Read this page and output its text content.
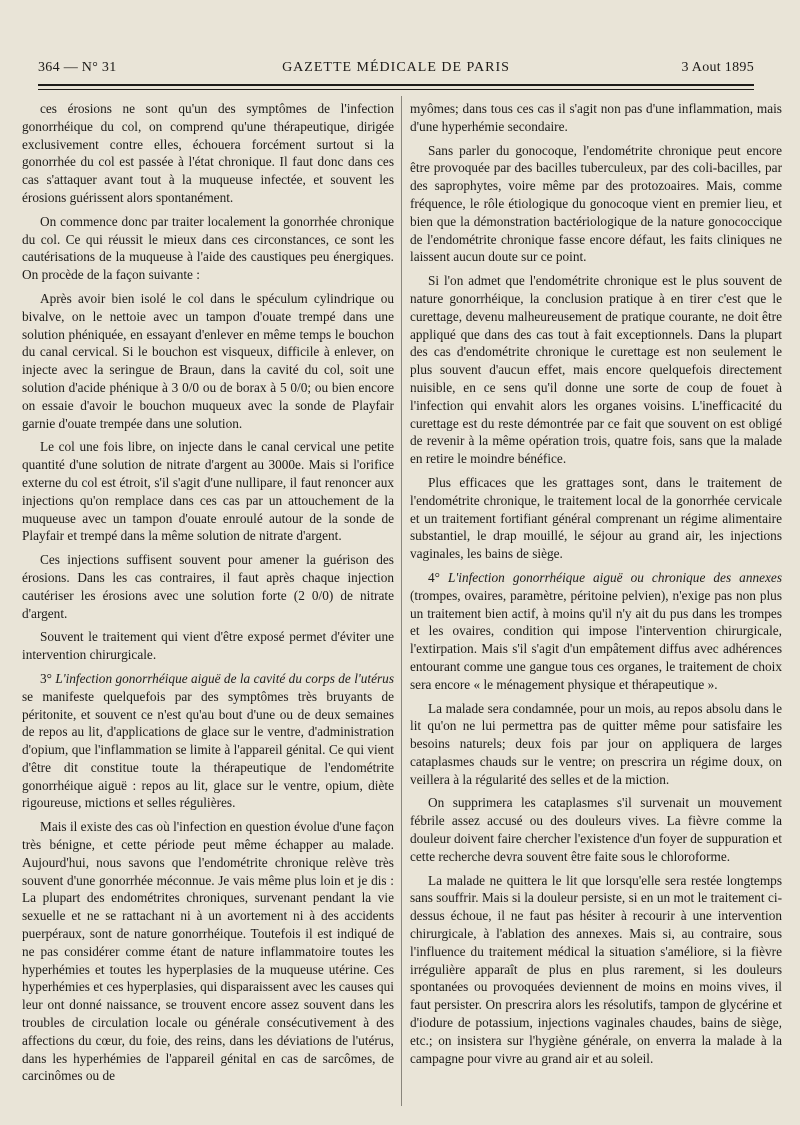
364 — N° 31	GAZETTE MÉDICALE DE PARIS	3 Aout 1895

ces érosions ne sont qu'un des symptômes de l'infection gonorrhéique du col, on comprend qu'une thérapeutique, dirigée exclusivement contre elles, échouera forcément surtout si la gonorrhée du col est passée à l'état chronique. Il faut donc dans ces cas s'attaquer avant tout à la muqueuse infectée, et souvent les érosions guérissent alors spontanément.

On commence donc par traiter localement la gonorrhée chronique du col. Ce qui réussit le mieux dans ces circonstances, ce sont les cautérisations de la muqueuse à l'aide des caustiques peu énergiques. On procède de la façon suivante :

Après avoir bien isolé le col dans le spéculum cylindrique ou bivalve, on le nettoie avec un tampon d'ouate trempé dans une solution phéniquée, en essayant d'enlever en même temps le bouchon du canal cervical. Si le bouchon est visqueux, difficile à enlever, on injecte avec la seringue de Braun, dans la cavité du col, soit une solution d'acide phénique à 3 0/0 ou de borax à 5 0/0; ou bien encore on essaie d'avoir le bouchon muqueux avec la sonde de Playfair garnie d'ouate trempée dans une solution.

Le col une fois libre, on injecte dans le canal cervical une petite quantité d'une solution de nitrate d'argent au 3000e. Mais si l'orifice externe du col est étroit, s'il s'agit d'une nullipare, il faut renoncer aux injections qu'on remplace dans ces cas par un attouchement de la muqueuse avec un tampon d'ouate enroulé autour de la sonde de Playfair et trempé dans la même solution de nitrate d'argent.

Ces injections suffisent souvent pour amener la guérison des érosions. Dans les cas contraires, il faut après chaque injection cautériser les érosions avec une solution forte (2 0/0) de nitrate d'argent.

Souvent le traitement qui vient d'être exposé permet d'éviter une intervention chirurgicale.

3° L'infection gonorrhéique aiguë de la cavité du corps de l'utérus se manifeste quelquefois par des symptômes très bruyants de péritonite, et souvent ce n'est qu'au bout d'une ou de deux semaines de repos au lit, d'applications de glace sur le ventre, d'administration d'opium, que l'inflammation se limite à l'appareil génital. Ce qui vient d'être dit constitue toute la thérapeutique de l'endométrite gonorrhéique aiguë : repos au lit, glace sur le ventre, opium, diète rigoureuse, mictions et selles régulières.

Mais il existe des cas où l'infection en question évolue d'une façon très bénigne, et cette période peut même échapper au malade. Aujourd'hui, nous savons que l'endométrite chronique relève très souvent d'une gonorrhée méconnue. Je vais même plus loin et je dis : La plupart des endométrites chroniques, survenant pendant la vie sexuelle et ne se rattachant ni à un avortement ni à des accidents puerpéraux, sont de nature gonorrhéique. Toutefois il est indiqué de ne pas considérer comme étant de nature inflammatoire toutes les hyperhémies et toutes les hyperplasies de la muqueuse utérine. Ces hyperhémies et ces hyperplasies, qui disparaissent avec les causes qui leur ont donné naissance, se trouvent encore assez souvent dans les troubles de circulation locale ou générale consécutivement à des affections du cœur, du foie, des reins, dans les déviations de l'utérus, dans les hyperhémies de l'appareil génital en cas de sarcômes, de carcinômes ou de

myômes; dans tous ces cas il s'agit non pas d'une inflammation, mais d'une hyperhémie secondaire.

Sans parler du gonocoque, l'endométrite chronique peut encore être provoquée par des bacilles tuberculeux, par des coli-bacilles, par des saprophytes, voire même par des protozoaires. Mais, comme fréquence, le rôle étiologique du gonocoque vient en premier lieu, et bien que la démonstration bactériologique de la nature gonococcique de l'endométrite chronique fasse encore défaut, les faits cliniques ne laissent aucun doute sur ce point.

Si l'on admet que l'endométrite chronique est le plus souvent de nature gonorrhéique, la conclusion pratique à en tirer c'est que le curettage, devenu malheureusement de pratique courante, ne doit être appliqué que dans des cas tout à fait exceptionnels. Dans la plupart des cas d'endométrite chronique le curettage est non seulement le plus souvent d'aucun effet, mais encore quelquefois directement nuisible, en ce sens qu'il donne une sorte de coup de fouet à l'infection qui envahit alors les organes voisins. L'inefficacité du curettage est du reste démontrée par ce fait que souvent on est obligé de revenir à la même opération trois, quatre fois, sans que la malade en retire le moindre bénéfice.

Plus efficaces que les grattages sont, dans le traitement de l'endométrite chronique, le traitement local de la gonorrhée cervicale et un traitement fortifiant général comprenant un régime alimentaire substantiel, le drap mouillé, le séjour au grand air, les injections vaginales, les bains de siège.

4° L'infection gonorrhéique aiguë ou chronique des annexes (trompes, ovaires, paramètre, péritoine pelvien), n'exige pas non plus un traitement bien actif, à moins qu'il n'y ait du pus dans les trompes et les ovaires, condition qui impose l'intervention chirurgicale, l'extirpation. Mais s'il s'agit d'un empâtement diffus avec adhérences entourant comme une gangue tous ces organes, le traitement de choix sera encore « le ménagement physique et thérapeutique ».

La malade sera condamnée, pour un mois, au repos absolu dans le lit qu'on ne lui permettra pas de quitter même pour satisfaire les besoins naturels; deux fois par jour on appliquera de larges cataplasmes chauds sur le ventre; on prescrira un régime doux, on veillera à la régularité des selles et de la miction.

On supprimera les cataplasmes s'il survenait un mouvement fébrile assez accusé ou des douleurs vives. La fièvre comme la douleur doivent faire chercher l'existence d'un foyer de suppuration et cette recherche devra souvent être faite sous le chloroforme.

La malade ne quittera le lit que lorsqu'elle sera restée longtemps sans souffrir. Mais si la douleur persiste, si en un mot le traitement ci-dessus échoue, il ne faut pas hésiter à recourir à une intervention chirurgicale, à l'ablation des annexes. Mais si, au contraire, sous l'influence du traitement médical la situation s'améliore, si la fièvre irrégulière apparaît de plus en plus rarement, si les douleurs spontanées ou provoquées deviennent de moins en moins vives, il faut persister. On prescrira alors les résolutifs, tampon de glycérine et d'iodure de potassium, injections vaginales chaudes, bains de siège, etc.; on insistera sur l'hygiène générale, on enverra la malade à la campagne pour vivre au grand air et au soleil.
